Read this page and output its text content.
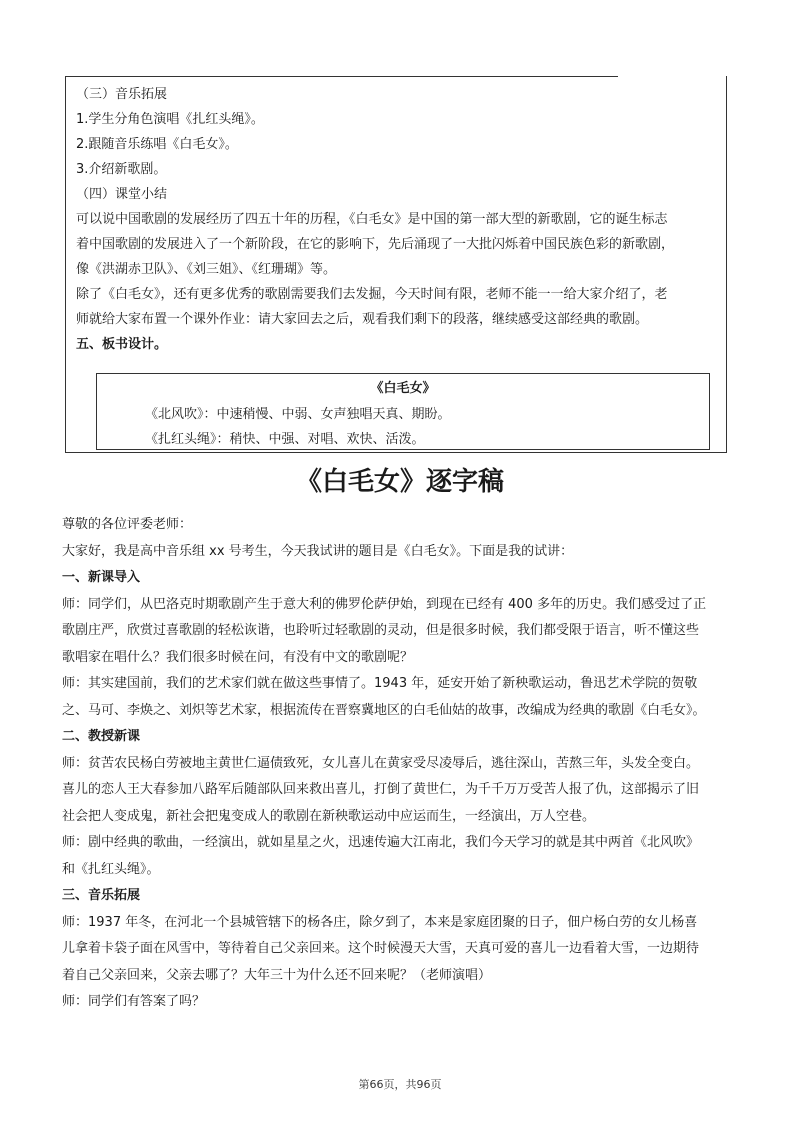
（三）音乐拓展
1.学生分角色演唱《扎红头绳》。
2.跟随音乐练唱《白毛女》。
3.介绍新歌剧。
（四）课堂小结
可以说中国歌剧的发展经历了四五十年的历程，《白毛女》是中国的第一部大型的新歌剧，它的诞生标志
着中国歌剧的发展进入了一个新阶段，在它的影响下，先后涌现了一大批闪烁着中国民族色彩的新歌剧，
像《洪湖赤卫队》、《刘三姐》、《红珊瑚》等。
除了《白毛女》，还有更多优秀的歌剧需要我们去发掘，今天时间有限，老师不能一一给大家介绍了，老
师就给大家布置一个课外作业：请大家回去之后，观看我们剩下的段落，继续感受这部经典的歌剧。
五、板书设计。
《白毛女》
《北风吹》：中速稍慢、中弱、女声独唱天真、期盼。
《扎红头绳》：稍快、中强、对唱、欢快、活泼。
《白毛女》逐字稿
尊敬的各位评委老师：
大家好，我是高中音乐组 xx 号考生，今天我试讲的题目是《白毛女》。下面是我的试讲：
一、新课导入
师：同学们，从巴洛克时期歌剧产生于意大利的佛罗伦萨伊始，到现在已经有 400 多年的历史。我们感受过了正
歌剧庄严，欣赏过喜歌剧的轻松诙谐，也聆听过轻歌剧的灵动，但是很多时候，我们都受限于语言，听不懂这些
歌唱家在唱什么？我们很多时候在问，有没有中文的歌剧呢？
师：其实建国前，我们的艺术家们就在做这些事情了。1943 年，延安开始了新秧歌运动，鲁迅艺术学院的贺敬
之、马可、李焕之、刘炽等艺术家，根据流传在晋察冀地区的白毛仙姑的故事，改编成为经典的歌剧《白毛女》。
二、教授新课
师：贫苦农民杨白劳被地主黄世仁逼债致死，女儿喜儿在黄家受尽凌辱后，逃往深山，苦熬三年，头发全变白。
喜儿的恋人王大春参加八路军后随部队回来救出喜儿，打倒了黄世仁，为千千万万受苦人报了仇，这部揭示了旧
社会把人变成鬼，新社会把鬼变成人的歌剧在新秧歌运动中应运而生，一经演出，万人空巷。
师：剧中经典的歌曲，一经演出，就如星星之火，迅速传遍大江南北，我们今天学习的就是其中两首《北风吹》
和《扎红头绳》。
三、音乐拓展
师：1937 年冬，在河北一个县城管辖下的杨各庄，除夕到了，本来是家庭团聚的日子，佃户杨白劳的女儿杨喜
儿拿着卡袋子面在风雪中，等待着自己父亲回来。这个时候漫天大雪，天真可爱的喜儿一边看着大雪，一边期待
着自己父亲回来，父亲去哪了？大年三十为什么还不回来呢？（老师演唱）
师：同学们有答案了吗？
第66页，共96页
